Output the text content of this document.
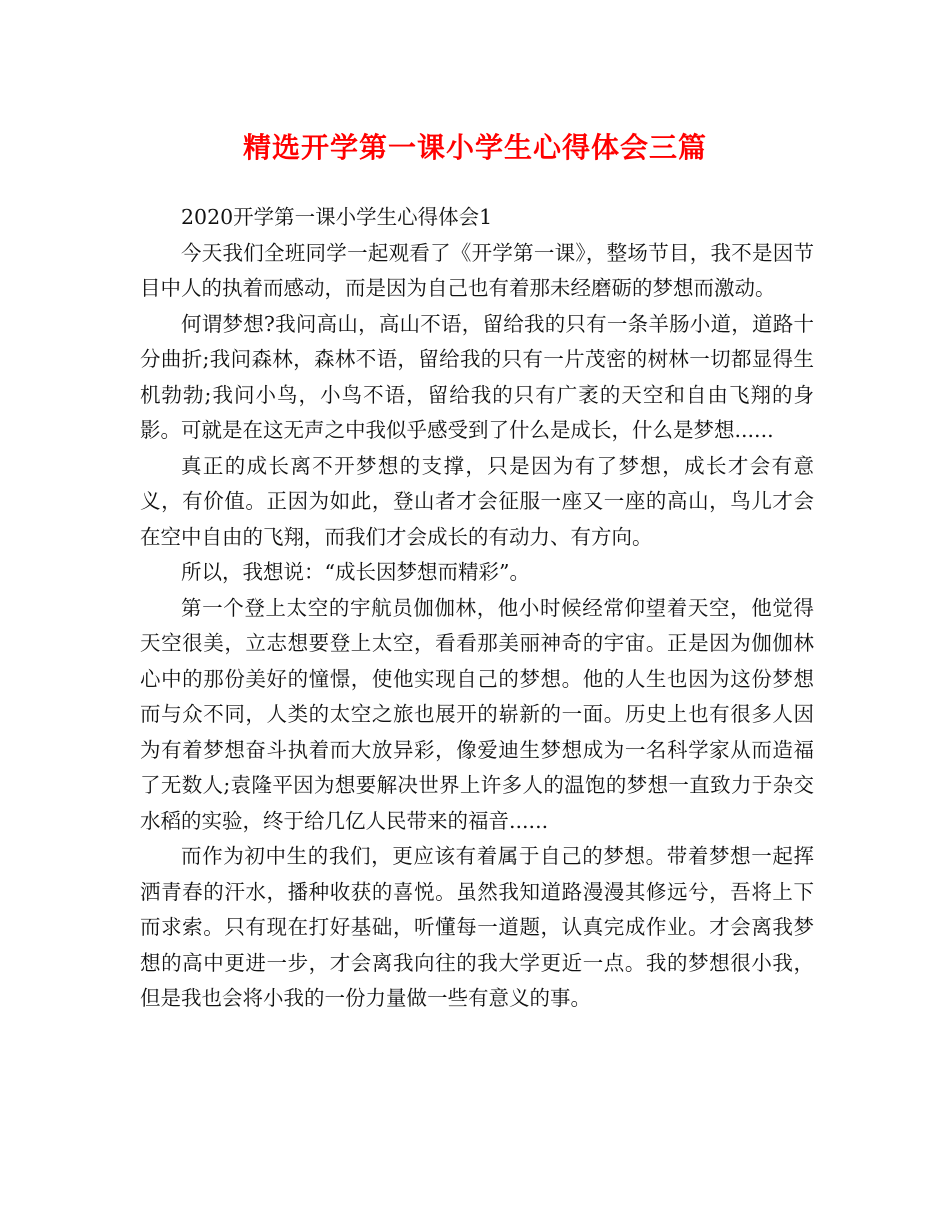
精选开学第一课小学生心得体会三篇

2020开学第一课小学生心得体会1

今天我们全班同学一起观看了《开学第一课》，整场节目，我不是因节目中人的执着而感动，而是因为自己也有着那未经磨砺的梦想而激动。

何谓梦想?我问高山，高山不语，留给我的只有一条羊肠小道，道路十分曲折;我问森林，森林不语，留给我的只有一片茂密的树林一切都显得生机勃勃;我问小鸟，小鸟不语，留给我的只有广袤的天空和自由飞翔的身影。可就是在这无声之中我似乎感受到了什么是成长，什么是梦想......

真正的成长离不开梦想的支撑，只是因为有了梦想，成长才会有意义，有价值。正因为如此，登山者才会征服一座又一座的高山，鸟儿才会在空中自由的飞翔，而我们才会成长的有动力、有方向。

所以，我想说：“成长因梦想而精彩”。

第一个登上太空的宇航员伽伽林，他小时候经常仰望着天空，他觉得天空很美，立志想要登上太空，看看那美丽神奇的宇宙。正是因为伽伽林心中的那份美好的憧憬，使他实现自己的梦想。他的人生也因为这份梦想而与众不同，人类的太空之旅也展开的崭新的一面。历史上也有很多人因为有着梦想奋斗执着而大放异彩，像爱迪生梦想成为一名科学家从而造福了无数人;袁隆平因为想要解决世界上许多人的温饱的梦想一直致力于杂交水稻的实验，终于给几亿人民带来的福音......

而作为初中生的我们，更应该有着属于自己的梦想。带着梦想一起挥洒青春的汗水，播种收获的喜悦。虽然我知道路漫漫其修远兮，吾将上下而求索。只有现在打好基础，听懂每一道题，认真完成作业。才会离我梦想的高中更进一步，才会离我向往的我大学更近一点。我的梦想很小我，但是我也会将小我的一份力量做一些有意义的事。
